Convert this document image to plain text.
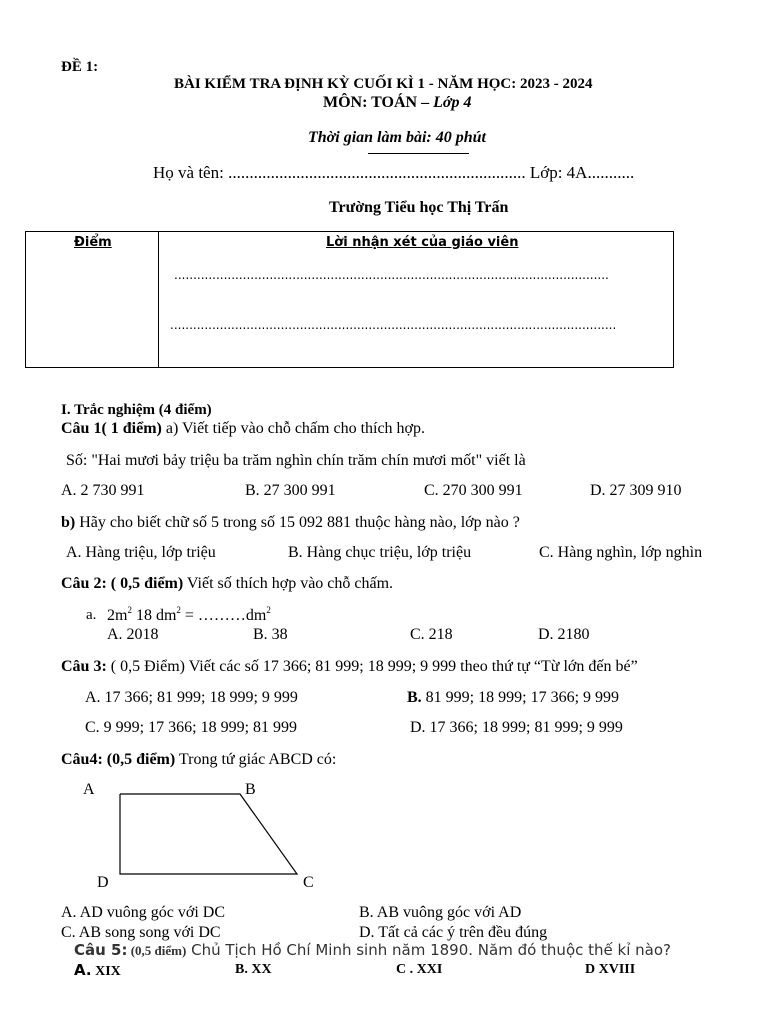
ĐỀ 1:
BÀI KIỂM TRA ĐỊNH KỲ CUỐI KÌ 1 - NĂM HỌC: 2023 - 2024
MÔN: TOÁN – Lớp 4
Thời gian làm bài: 40 phút
Họ và tên: ...................................................................... Lớp: 4A...........
Trường Tiểu học Thị Trấn
Điểm	Lời nhận xét của giáo viên
..................................................................................................................
.....................................................................................................................
I. Trắc nghiệm (4 điểm)
Câu 1( 1 điểm) a) Viết tiếp vào chỗ chấm cho thích hợp.
Số: "Hai mươi bảy triệu ba trăm nghìn chín trăm chín mươi mốt" viết là
A. 2 730 991	B. 27 300 991	C. 270 300 991	D. 27 309 910
b) Hãy cho biết chữ số 5 trong số 15 092 881 thuộc hàng nào, lớp nào ?
A. Hàng triệu, lớp triệu	B. Hàng chục triệu, lớp triệu	C. Hàng nghìn, lớp nghìn
Câu 2: ( 0,5 điểm) Viết số thích hợp vào chỗ chấm.
a. $2m^2$ 18 $dm^2$ = $\dots\dots\dots dm^2$
A. 2018	B. 38	C. 218	D. 2180
Câu 3: ( 0,5 Điểm) Viết các số 17 366; 81 999; 18 999; 9 999 theo thứ tự “Từ lớn đến bé”
A. 17 366; 81 999; 18 999; 9 999	B. 81 999; 18 999; 17 366; 9 999
C. 9 999; 17 366; 18 999; 81 999	D. 17 366; 18 999; 81 999; 9 999
Câu4: (0,5 điểm) Trong tứ giác ABCD có:
A	B
C
D
A. AD vuông góc với DC	B. AB vuông góc với AD
C. AB song song với DC	D. Tất cả các ý trên đều đúng
Câu 5: (0,5 điểm) Chủ Tịch Hồ Chí Minh sinh năm 1890. Năm đó thuộc thế kỉ nào?
A. XIX	B. XX	C . XXI	D XVIII
